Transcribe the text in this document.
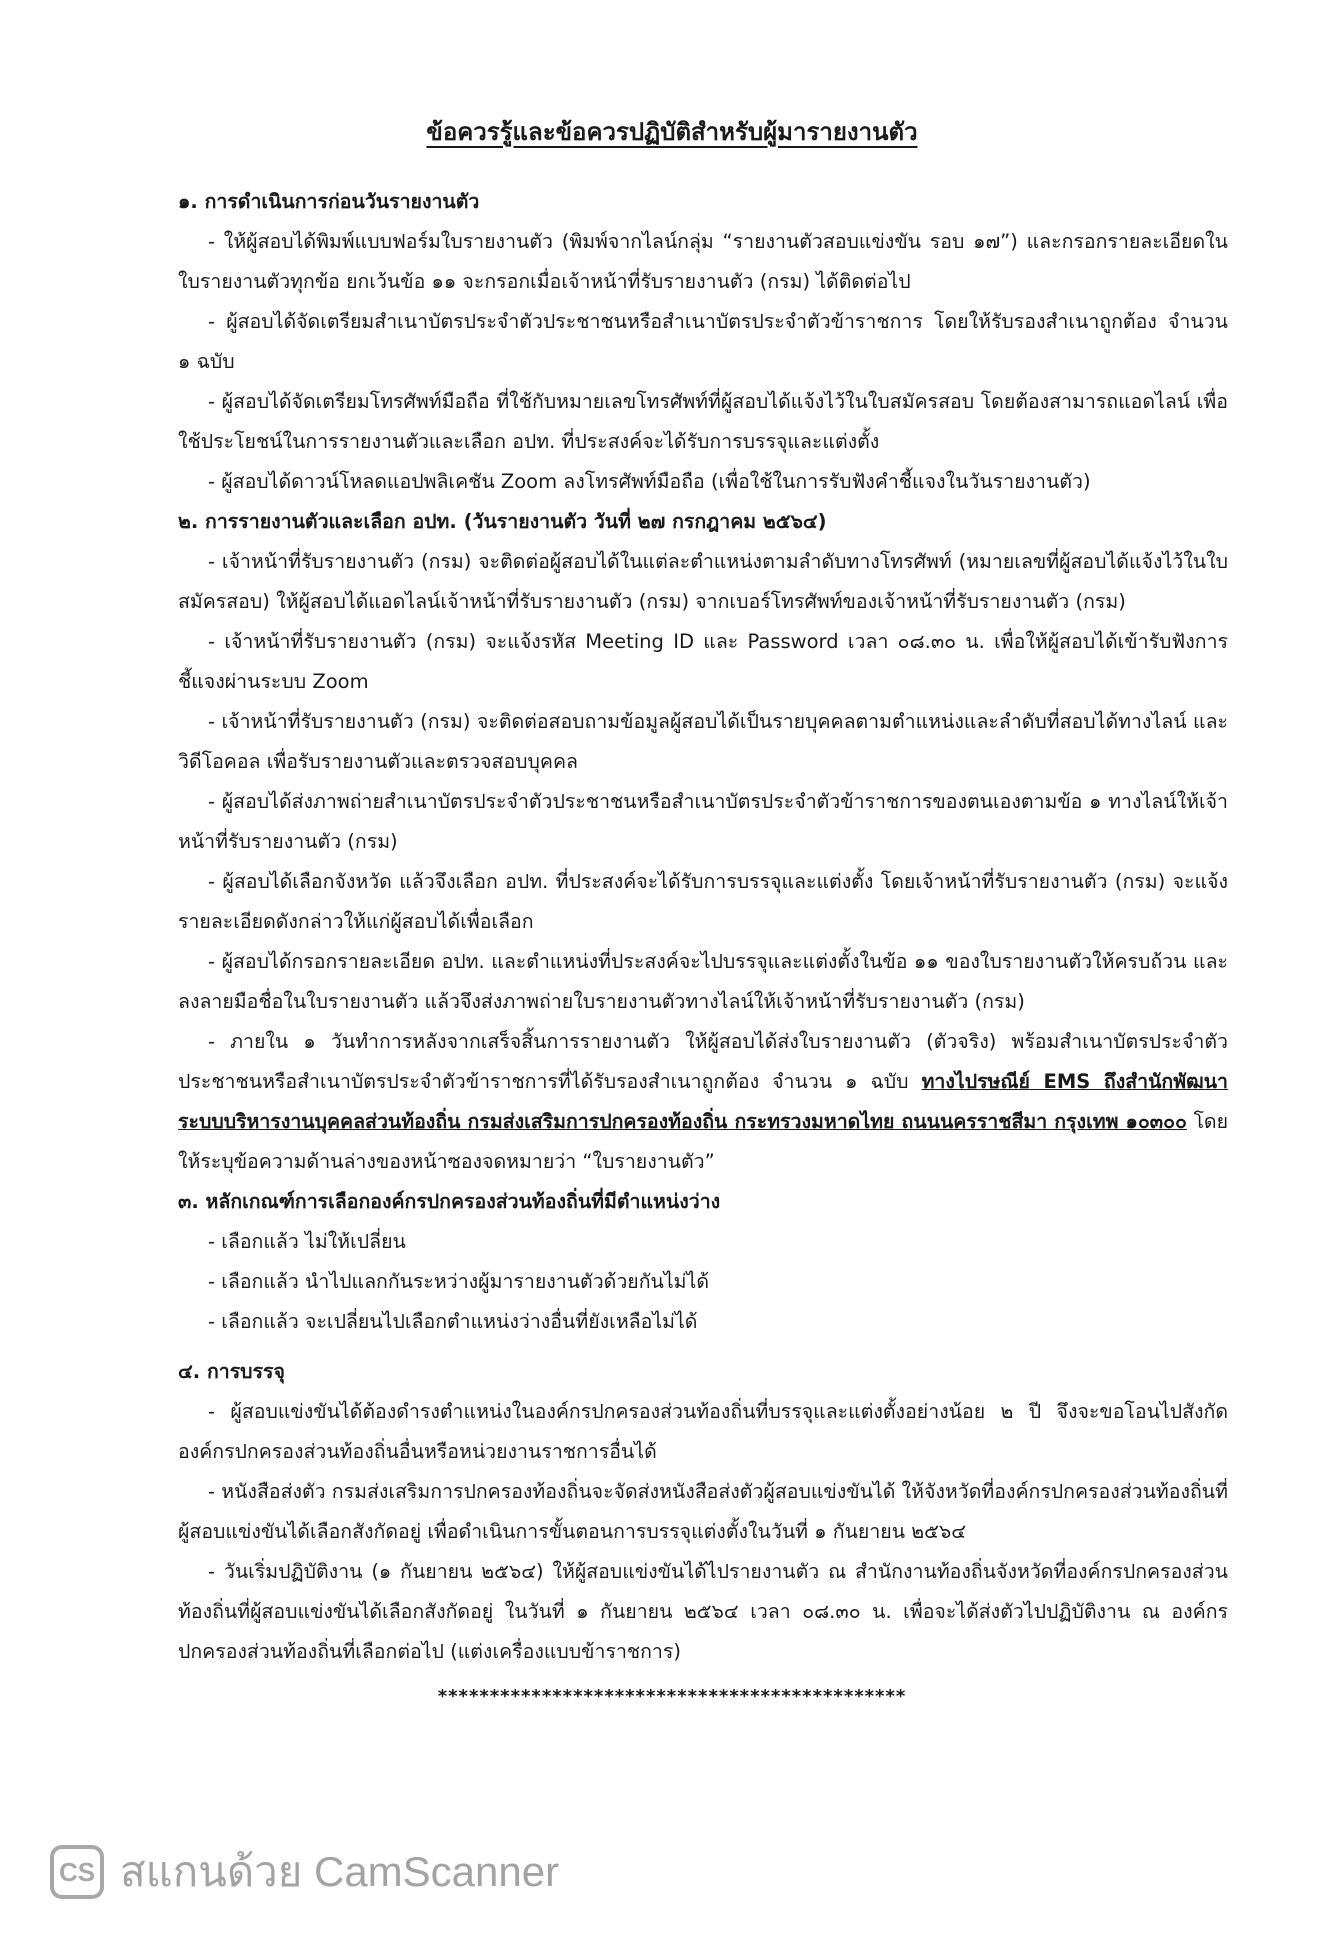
ข้อควรรู้และข้อควรปฏิบัติสำหรับผู้มารายงานตัว

๑. การดำเนินการก่อนวันรายงานตัว

- ให้ผู้สอบได้พิมพ์แบบฟอร์มใบรายงานตัว (พิมพ์จากไลน์กลุ่ม “รายงานตัวสอบแข่งขัน รอบ ๑๗”) และกรอกรายละเอียดในใบรายงานตัวทุกข้อ ยกเว้นข้อ ๑๑ จะกรอกเมื่อเจ้าหน้าที่รับรายงานตัว (กรม) ได้ติดต่อไป

- ผู้สอบได้จัดเตรียมสำเนาบัตรประจำตัวประชาชนหรือสำเนาบัตรประจำตัวข้าราชการ โดยให้รับรองสำเนาถูกต้อง จำนวน ๑ ฉบับ

- ผู้สอบได้จัดเตรียมโทรศัพท์มือถือ ที่ใช้กับหมายเลขโทรศัพท์ที่ผู้สอบได้แจ้งไว้ในใบสมัครสอบ โดยต้องสามารถแอดไลน์ เพื่อใช้ประโยชน์ในการรายงานตัวและเลือก อปท. ที่ประสงค์จะได้รับการบรรจุและแต่งตั้ง

- ผู้สอบได้ดาวน์โหลดแอปพลิเคชัน Zoom ลงโทรศัพท์มือถือ (เพื่อใช้ในการรับฟังคำชี้แจงในวันรายงานตัว)

๒. การรายงานตัวและเลือก อปท. (วันรายงานตัว วันที่ ๒๗ กรกฎาคม ๒๕๖๔)

- เจ้าหน้าที่รับรายงานตัว (กรม) จะติดต่อผู้สอบได้ในแต่ละตำแหน่งตามลำดับทางโทรศัพท์ (หมายเลขที่ผู้สอบได้แจ้งไว้ในใบสมัครสอบ) ให้ผู้สอบได้แอดไลน์เจ้าหน้าที่รับรายงานตัว (กรม) จากเบอร์โทรศัพท์ของเจ้าหน้าที่รับรายงานตัว (กรม)

- เจ้าหน้าที่รับรายงานตัว (กรม) จะแจ้งรหัส Meeting ID และ Password เวลา ๐๘.๓๐ น. เพื่อให้ผู้สอบได้เข้ารับฟังการชี้แจงผ่านระบบ Zoom

- เจ้าหน้าที่รับรายงานตัว (กรม) จะติดต่อสอบถามข้อมูลผู้สอบได้เป็นรายบุคคลตามตำแหน่งและลำดับที่สอบได้ทางไลน์ และวิดีโอคอล เพื่อรับรายงานตัวและตรวจสอบบุคคล

- ผู้สอบได้ส่งภาพถ่ายสำเนาบัตรประจำตัวประชาชนหรือสำเนาบัตรประจำตัวข้าราชการของตนเองตามข้อ ๑ ทางไลน์ให้เจ้าหน้าที่รับรายงานตัว (กรม)

- ผู้สอบได้เลือกจังหวัด แล้วจึงเลือก อปท. ที่ประสงค์จะได้รับการบรรจุและแต่งตั้ง โดยเจ้าหน้าที่รับรายงานตัว (กรม) จะแจ้งรายละเอียดดังกล่าวให้แก่ผู้สอบได้เพื่อเลือก

- ผู้สอบได้กรอกรายละเอียด อปท. และตำแหน่งที่ประสงค์จะไปบรรจุและแต่งตั้งในข้อ ๑๑ ของใบรายงานตัวให้ครบถ้วน และลงลายมือชื่อในใบรายงานตัว แล้วจึงส่งภาพถ่ายใบรายงานตัวทางไลน์ให้เจ้าหน้าที่รับรายงานตัว (กรม)

- ภายใน ๑ วันทำการหลังจากเสร็จสิ้นการรายงานตัว ให้ผู้สอบได้ส่งใบรายงานตัว (ตัวจริง) พร้อมสำเนาบัตรประจำตัวประชาชนหรือสำเนาบัตรประจำตัวข้าราชการที่ได้รับรองสำเนาถูกต้อง จำนวน ๑ ฉบับ ทางไปรษณีย์ EMS ถึงสำนักพัฒนาระบบบริหารงานบุคคลส่วนท้องถิ่น กรมส่งเสริมการปกครองท้องถิ่น กระทรวงมหาดไทย ถนนนครราชสีมา กรุงเทพ ๑๐๓๐๐ โดยให้ระบุข้อความด้านล่างของหน้าซองจดหมายว่า “ใบรายงานตัว”

๓. หลักเกณฑ์การเลือกองค์กรปกครองส่วนท้องถิ่นที่มีตำแหน่งว่าง

- เลือกแล้ว ไม่ให้เปลี่ยน

- เลือกแล้ว นำไปแลกกันระหว่างผู้มารายงานตัวด้วยกันไม่ได้

- เลือกแล้ว จะเปลี่ยนไปเลือกตำแหน่งว่างอื่นที่ยังเหลือไม่ได้

๔. การบรรจุ

- ผู้สอบแข่งขันได้ต้องดำรงตำแหน่งในองค์กรปกครองส่วนท้องถิ่นที่บรรจุและแต่งตั้งอย่างน้อย ๒ ปี จึงจะขอโอนไปสังกัดองค์กรปกครองส่วนท้องถิ่นอื่นหรือหน่วยงานราชการอื่นได้

- หนังสือส่งตัว กรมส่งเสริมการปกครองท้องถิ่นจะจัดส่งหนังสือส่งตัวผู้สอบแข่งขันได้ ให้จังหวัดที่องค์กรปกครองส่วนท้องถิ่นที่ผู้สอบแข่งขันได้เลือกสังกัดอยู่ เพื่อดำเนินการขั้นตอนการบรรจุแต่งตั้งในวันที่ ๑ กันยายน ๒๕๖๔

- วันเริ่มปฏิบัติงาน (๑ กันยายน ๒๕๖๔) ให้ผู้สอบแข่งขันได้ไปรายงานตัว ณ สำนักงานท้องถิ่นจังหวัดที่องค์กรปกครองส่วนท้องถิ่นที่ผู้สอบแข่งขันได้เลือกสังกัดอยู่ ในวันที่ ๑ กันยายน ๒๕๖๔ เวลา ๐๘.๓๐ น. เพื่อจะได้ส่งตัวไปปฏิบัติงาน ณ องค์กรปกครองส่วนท้องถิ่นที่เลือกต่อไป (แต่งเครื่องแบบข้าราชการ)

*********************************************
CS สแกนด้วย CamScanner
